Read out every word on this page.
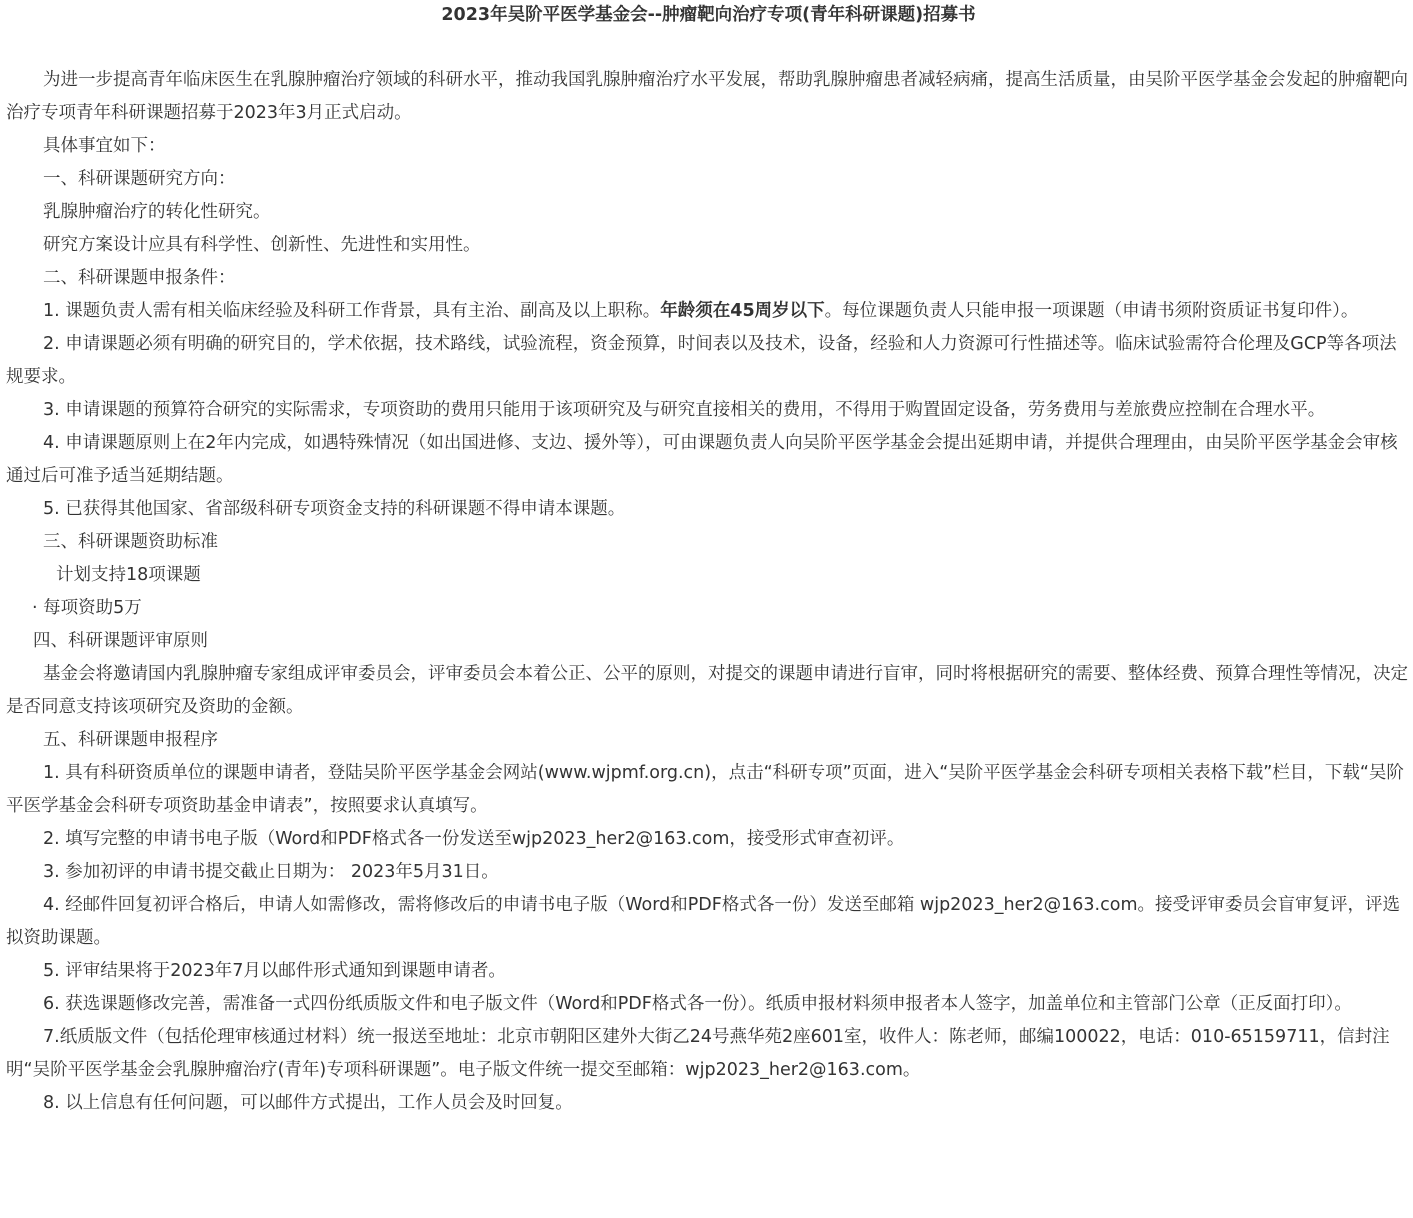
2023年吴阶平医学基金会--肿瘤靶向治疗专项(青年科研课题)招募书

为进一步提高青年临床医生在乳腺肿瘤治疗领域的科研水平，推动我国乳腺肿瘤治疗水平发展，帮助乳腺肿瘤患者减轻病痛，提高生活质量，由吴阶平医学基金会发起的肿瘤靶向治疗专项青年科研课题招募于2023年3月正式启动。

具体事宜如下：

一、科研课题研究方向：

乳腺肿瘤治疗的转化性研究。

研究方案设计应具有科学性、创新性、先进性和实用性。

二、科研课题申报条件：

1. 课题负责人需有相关临床经验及科研工作背景，具有主治、副高及以上职称。年龄须在45周岁以下。每位课题负责人只能申报一项课题（申请书须附资质证书复印件）。

2. 申请课题必须有明确的研究目的，学术依据，技术路线，试验流程，资金预算，时间表以及技术，设备，经验和人力资源可行性描述等。临床试验需符合伦理及GCP等各项法规要求。

3. 申请课题的预算符合研究的实际需求，专项资助的费用只能用于该项研究及与研究直接相关的费用，不得用于购置固定设备，劳务费用与差旅费应控制在合理水平。

4. 申请课题原则上在2年内完成，如遇特殊情况（如出国进修、支边、援外等），可由课题负责人向吴阶平医学基金会提出延期申请，并提供合理理由，由吴阶平医学基金会审核通过后可准予适当延期结题。

5. 已获得其他国家、省部级科研专项资金支持的科研课题不得申请本课题。

三、科研课题资助标准

计划支持18项课题

· 每项资助5万

四、科研课题评审原则

基金会将邀请国内乳腺肿瘤专家组成评审委员会，评审委员会本着公正、公平的原则，对提交的课题申请进行盲审，同时将根据研究的需要、整体经费、预算合理性等情况，决定是否同意支持该项研究及资助的金额。

五、科研课题申报程序

1. 具有科研资质单位的课题申请者，登陆吴阶平医学基金会网站(www.wjpmf.org.cn)，点击“科研专项”页面，进入“吴阶平医学基金会科研专项相关表格下载”栏目，下载“吴阶平医学基金会科研专项资助基金申请表”，按照要求认真填写。

2. 填写完整的申请书电子版（Word和PDF格式各一份发送至wjp2023_her2@163.com，接受形式审查初评。

3. 参加初评的申请书提交截止日期为： 2023年5月31日。

4. 经邮件回复初评合格后，申请人如需修改，需将修改后的申请书电子版（Word和PDF格式各一份）发送至邮箱 wjp2023_her2@163.com。接受评审委员会盲审复评，评选拟资助课题。

5. 评审结果将于2023年7月以邮件形式通知到课题申请者。

6. 获选课题修改完善，需准备一式四份纸质版文件和电子版文件（Word和PDF格式各一份）。纸质申报材料须申报者本人签字，加盖单位和主管部门公章（正反面打印）。

7.纸质版文件（包括伦理审核通过材料）统一报送至地址：北京市朝阳区建外大街乙24号燕华苑2座601室，收件人：陈老师，邮编100022，电话：010-65159711，信封注明“吴阶平医学基金会乳腺肿瘤治疗(青年)专项科研课题”。电子版文件统一提交至邮箱：wjp2023_her2@163.com。

8. 以上信息有任何问题，可以邮件方式提出，工作人员会及时回复。
